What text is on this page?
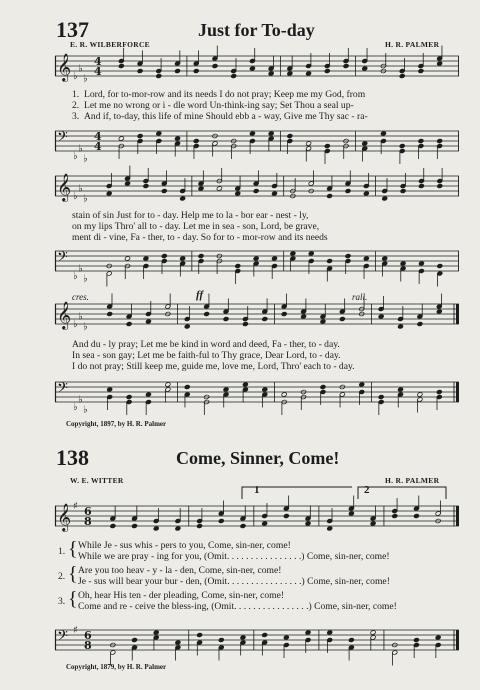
137	Just for To-day
E. R. WILBERFORCE	H. R. PALMER
𝄞 ♭
♭
♭
4
4
1. Lord, for to-mor-row and its needs I do not pray; Keep me my God, from
2. Let me no wrong or i - dle word Un-think-ing say; Set Thou a seal up-
3. And if, to-day, this life of mine Should ebb a - way, Give me Thy sac - ra-
𝄢
♭
♭
♭
4
4
𝄞 ♭
♭
♭
stain of sin Just for to - day. Help me to la - bor ear - nest - ly,
on my lips Thro' all to - day. Let me in sea - son, Lord, be grave,
ment di - vine, Fa - ther, to - day. So for to - mor-row and its needs
𝄢
♭
♭
♭
cres.	ff	rall.
𝄞 ♭
♭
♭
And du - ly pray; Let me be kind in word and deed, Fa - ther, to - day.
In sea - son gay; Let me be faith-ful to Thy grace, Dear Lord, to - day.
I do not pray; Still keep me, guide me, love me, Lord, Thro' each to - day.
𝄢
♭
♭
♭
Copyright, 1897, by H. R. Palmer
138	Come, Sinner, Come!
W. E. WITTER	H. R. PALMER
1	2
𝄞 ♯ 6
8
1. { While Je - sus whis - pers to you, Come, sin-ner, come!
While we are pray - ing for you, (Omit. . . . . . . . . . . . . . . .) Come, sin-ner, come!
2. { Are you too heav - y - la - den, Come, sin-ner, come!
Je - sus will bear your bur - den, (Omit. . . . . . . . . . . . . . . .) Come, sin-ner, come!
3. { Oh, hear His ten - der pleading, Come, sin-ner, come!
Come and re - ceive the bless-ing, (Omit. . . . . . . . . . . . . . . .) Come, sin-ner, come!
𝄢 ♯ 6
8
Copyright, 1879, by H. R. Palmer
